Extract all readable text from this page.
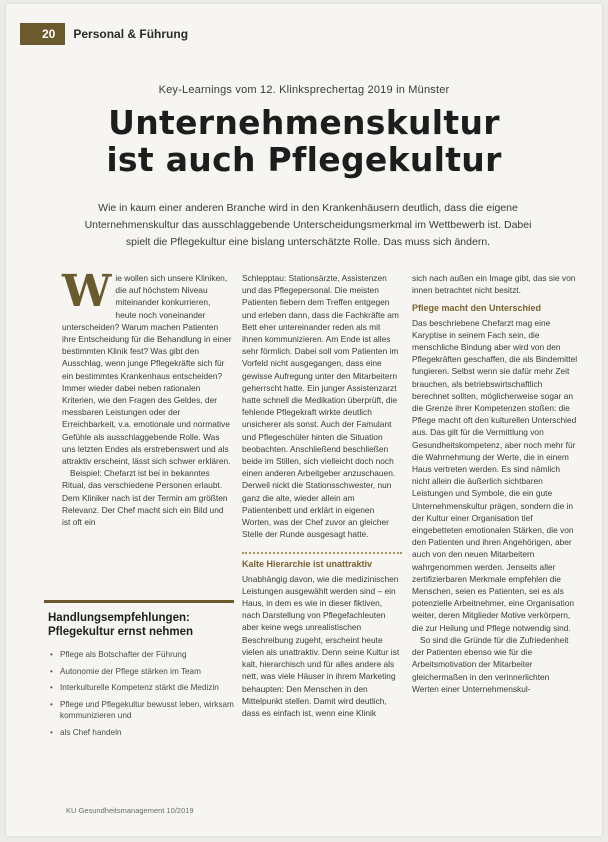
20	Personal & Führung
Key-Learnings vom 12. Klinksprechertag 2019 in Münster
Unternehmenskultur
ist auch Pflegekultur
Wie in kaum einer anderen Branche wird in den Krankenhäusern deutlich, dass die eigene Unternehmenskultur das ausschlaggebende Unterscheidungsmerkmal im Wettbewerb ist. Dabei spielt die Pflegekultur eine bislang unterschätzte Rolle. Das muss sich ändern.
W ie wollen sich unsere Kliniken, die auf höchstem Niveau miteinander konkurrieren, heute noch voneinander unterscheiden? Warum machen Patienten ihre Entscheidung für die Behandlung in einer bestimmten Klinik fest? Was gibt den Ausschlag, wenn junge Pflegekräfte sich für ein bestimmtes Krankenhaus entscheiden? Immer wieder dabei neben rationalen Kriterien, wie den Fragen des Geldes, der messbaren Leistungen oder der Erreichbarkeit, v.a. emotionale und normative Gefühle als ausschlaggebende Rolle. Was uns letzten Endes als erstrebenswert und als attraktiv erscheint, lässt sich schwer erklären.

Beispiel: Chefarzt ist bei in bekanntes Ritual, das verschiedene Personen erlaubt. Dem Kliniker nach ist der Termin am größten Relevanz. Der Chef macht sich ein Bild und ist oft ein

Schlepptau: Stationsärzte, Assistenzen und das Pflegepersonal. Die meisten Patienten fiebern dem Treffen entgegen und erleben dann, dass die Fachkräfte am Bett eher untereinander reden als mit ihnen kommunizieren. Am Ende ist alles sehr förmlich. Dabei soll vom Patienten im Vorfeld nicht ausgegangen, dass eine gewisse Aufregung unter den Mitarbeitern geherrscht hatte. Ein junger Assistenzarzt hatte schnell die Medikation überprüft, die fehlende Pflegekraft wirkte deutlich unsicherer als sonst. Auch der Famulant und Pflegeschüler hinten die Situation beobachten. Anschließend beschließen beide im Stillen, sich vielleicht doch noch einen anderen Arbeitgeber anzuschauen. Derweil nickt die Stationsschwester, nun ganz die alte, wieder allein am Patientenbett und erklärt in eigenen Worten, was der Chef zuvor an gleicher Stelle der Runde ausgesagt hatte.

Kalte Hierarchie ist unattraktiv

Unabhängig davon, wie die medizinischen Leistungen ausgewählt werden sind – ein Haus, in dem es wie in dieser fiktiven, nach Darstellung von Pflegefachleuten aber keine wegs unrealistischen Beschreibung zugeht, erscheint heute vielen als unattraktiv. Denn seine Kultur ist kalt, hierarchisch und für alles andere als nett, was viele Häuser in ihrem Marketing behaupten: Den Menschen in den Mittelpunkt stellen. Damit wird deutlich, dass es einfach ist, wenn eine Klinik

sich nach außen ein Image gibt, das sie von innen betrachtet nicht besitzt.

Pflege macht den Unterschied

Das beschriebene Chefarzt mag eine Karyptise in seinem Fach sein, die menschliche Bindung aber wird von den Pflegekräften geschaffen, die als Bindemittel fungieren. Selbst wenn sie dafür mehr Zeit brauchen, als betriebswirtschaftlich berechnet sollten, möglicherweise sogar an die Grenze ihrer Kompetenzen stoßen: die Pflege macht oft den kulturellen Unterschied aus. Das gilt für die Vermittlung von Gesundheitskompetenz, aber noch mehr für die Wahrnehmung der Werte, die in einem Haus vertreten werden. Es sind nämlich nicht allein die äußerlich sichtbaren Leistungen und Symbole, die ein gute Unternehmenskultur prägen, sondern die in der Kultur einer Organisation tief eingebetteten emotionalen Stärken, die von den Patienten und ihren Angehörigen, aber auch von den neuen Mitarbeitern wahrgenommen werden. Jenseits aller zertifizierbaren Merkmale empfehlen die Menschen, seien es Patienten, sei es als potenzielle Arbeitnehmer, eine Organisation weiter, deren Mitglieder Motive verkörpern, die zur Heilung und Pflege notwendig sind.

So sind die Gründe für die Zufriedenheit der Patienten ebenso wie für die Arbeitsmotivation der Mitarbeiter gleichermaßen in den verinnerlichten Werten einer Unternehmenskul-

Handlungsempfehlungen:
Pflegekultur ernst nehmen
• Pflege als Botschafter der Führung
• Autonomie der Pflege stärken im Team
• Interkulturelle Kompetenz stärkt die Medizin
• Pflege und Pflegekultur bewusst leben, wirksam kommunizieren und
• als Chef handeln
KU Gesundheitsmanagement 10/2019
